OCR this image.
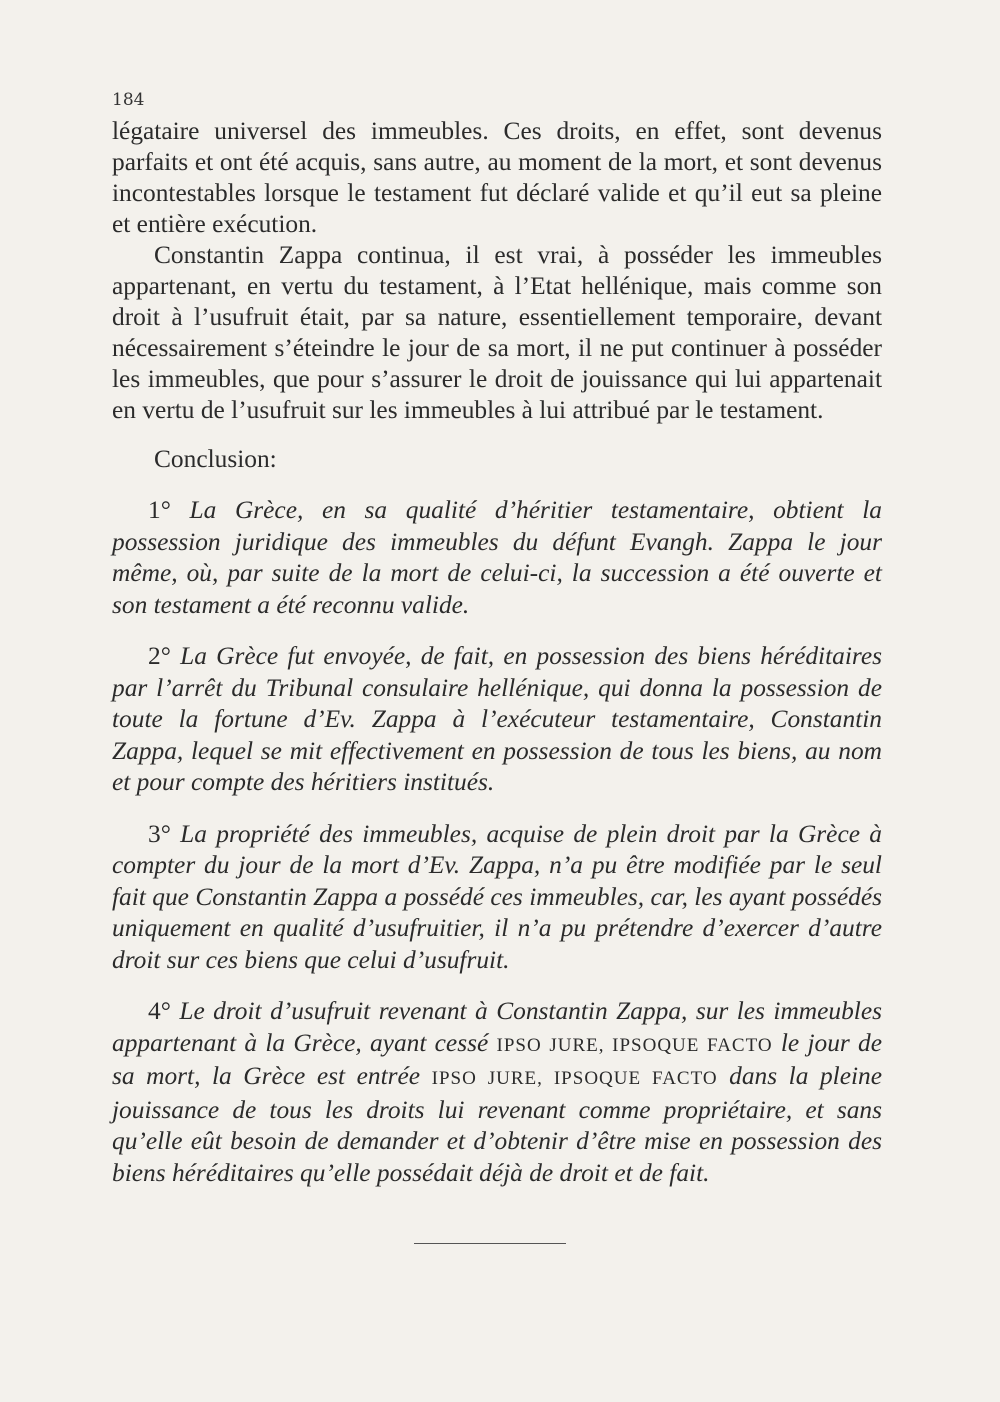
184

légataire universel des immeubles. Ces droits, en effet, sont devenus parfaits et ont été acquis, sans autre, au moment de la mort, et sont devenus incontestables lorsque le testament fut déclaré valide et qu’il eut sa pleine et entière exécution.

Constantin Zappa continua, il est vrai, à posséder les immeubles appartenant, en vertu du testament, à l’Etat hellénique, mais comme son droit à l’usufruit était, par sa nature, essentiellement temporaire, devant nécessairement s’éteindre le jour de sa mort, il ne put continuer à posséder les immeubles, que pour s’assurer le droit de jouissance qui lui appartenait en vertu de l’usufruit sur les immeubles à lui attribué par le testament.

Conclusion:

1° La Grèce, en sa qualité d’héritier testamentaire, obtient la possession juridique des immeubles du défunt Evangh. Zappa le jour même, où, par suite de la mort de celui-ci, la succession a été ouverte et son testament a été reconnu valide.

2° La Grèce fut envoyée, de fait, en possession des biens héréditaires par l’arrêt du Tribunal consulaire hellénique, qui donna la possession de toute la fortune d’Ev. Zappa à l’exécuteur testamentaire, Constantin Zappa, lequel se mit effectivement en possession de tous les biens, au nom et pour compte des héritiers institués.

3° La propriété des immeubles, acquise de plein droit par la Grèce à compter du jour de la mort d’Ev. Zappa, n’a pu être modifiée par le seul fait que Constantin Zappa a possédé ces immeubles, car, les ayant possédés uniquement en qualité d’usufruitier, il n’a pu prétendre d’exercer d’autre droit sur ces biens que celui d’usufruit.

4° Le droit d’usufruit revenant à Constantin Zappa, sur les immeubles appartenant à la Grèce, ayant cessé IPSO JURE, IPSOQUE FACTO le jour de sa mort, la Grèce est entrée IPSO JURE, IPSOQUE FACTO dans la pleine jouissance de tous les droits lui revenant comme propriétaire, et sans qu’elle eût besoin de demander et d’obtenir d’être mise en possession des biens héréditaires qu’elle possédait déjà de droit et de fait.
